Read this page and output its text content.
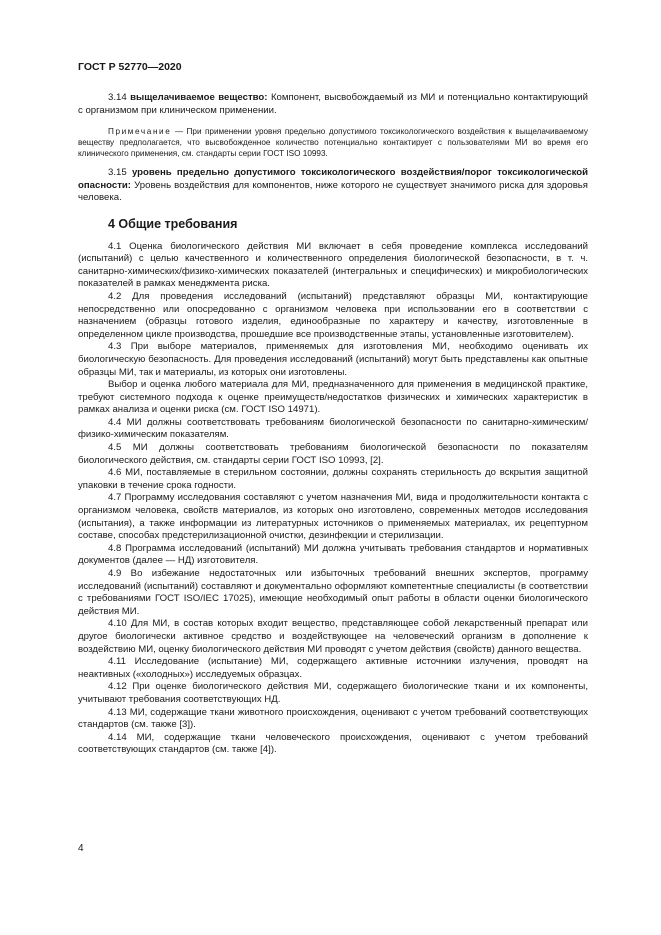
ГОСТ Р 52770—2020

3.14 выщелачиваемое вещество: Компонент, высвобождаемый из МИ и потенциально контактирующий с организмом при клиническом применении.

Примечание — При применении уровня предельно допустимого токсикологического воздействия к выщелачиваемому веществу предполагается, что высвобожденное количество потенциально контактирует с пользователями МИ во время его клинического применения, см. стандарты серии ГОСТ ISO 10993.

3.15 уровень предельно допустимого токсикологического воздействия/порог токсикологической опасности: Уровень воздействия для компонентов, ниже которого не существует значимого риска для здоровья человека.

4 Общие требования

4.1 Оценка биологического действия МИ включает в себя проведение комплекса исследований (испытаний) с целью качественного и количественного определения биологической безопасности, в т. ч. санитарно-химических/физико-химических показателей (интегральных и специфических) и микробиологических показателей в рамках менеджмента риска.

4.2 Для проведения исследований (испытаний) представляют образцы МИ, контактирующие непосредственно или опосредованно с организмом человека при использовании его в соответствии с назначением (образцы готового изделия, единообразные по характеру и качеству, изготовленные в определенном цикле производства, прошедшие все производственные этапы, установленные изготовителем).

4.3 При выборе материалов, применяемых для изготовления МИ, необходимо оценивать их биологическую безопасность. Для проведения исследований (испытаний) могут быть представлены как опытные образцы МИ, так и материалы, из которых они изготовлены.

Выбор и оценка любого материала для МИ, предназначенного для применения в медицинской практике, требуют системного подхода к оценке преимуществ/недостатков физических и химических характеристик в рамках анализа и оценки риска (см. ГОСТ ISO 14971).

4.4 МИ должны соответствовать требованиям биологической безопасности по санитарно-химическим/физико-химическим показателям.

4.5 МИ должны соответствовать требованиям биологической безопасности по показателям биологического действия, см. стандарты серии ГОСТ ISO 10993, [2].

4.6 МИ, поставляемые в стерильном состоянии, должны сохранять стерильность до вскрытия защитной упаковки в течение срока годности.

4.7 Программу исследования составляют с учетом назначения МИ, вида и продолжительности контакта с организмом человека, свойств материалов, из которых оно изготовлено, современных методов исследования (испытания), а также информации из литературных источников о применяемых материалах, их рецептурном составе, способах предстерилизационной очистки, дезинфекции и стерилизации.

4.8 Программа исследований (испытаний) МИ должна учитывать требования стандартов и нормативных документов (далее — НД) изготовителя.

4.9 Во избежание недостаточных или избыточных требований внешних экспертов, программу исследований (испытаний) составляют и документально оформляют компетентные специалисты (в соответствии с требованиями ГОСТ ISO/IEC 17025), имеющие необходимый опыт работы в области оценки биологического действия МИ.

4.10 Для МИ, в состав которых входит вещество, представляющее собой лекарственный препарат или другое биологически активное средство и воздействующее на человеческий организм в дополнение к воздействию МИ, оценку биологического действия МИ проводят с учетом действия (свойств) данного вещества.

4.11 Исследование (испытание) МИ, содержащего активные источники излучения, проводят на неактивных («холодных») исследуемых образцах.

4.12 При оценке биологического действия МИ, содержащего биологические ткани и их компоненты, учитывают требования соответствующих НД.

4.13 МИ, содержащие ткани животного происхождения, оценивают с учетом требований соответствующих стандартов (см. также [3]).

4.14 МИ, содержащие ткани человеческого происхождения, оценивают с учетом требований соответствующих стандартов (см. также [4]).

4
